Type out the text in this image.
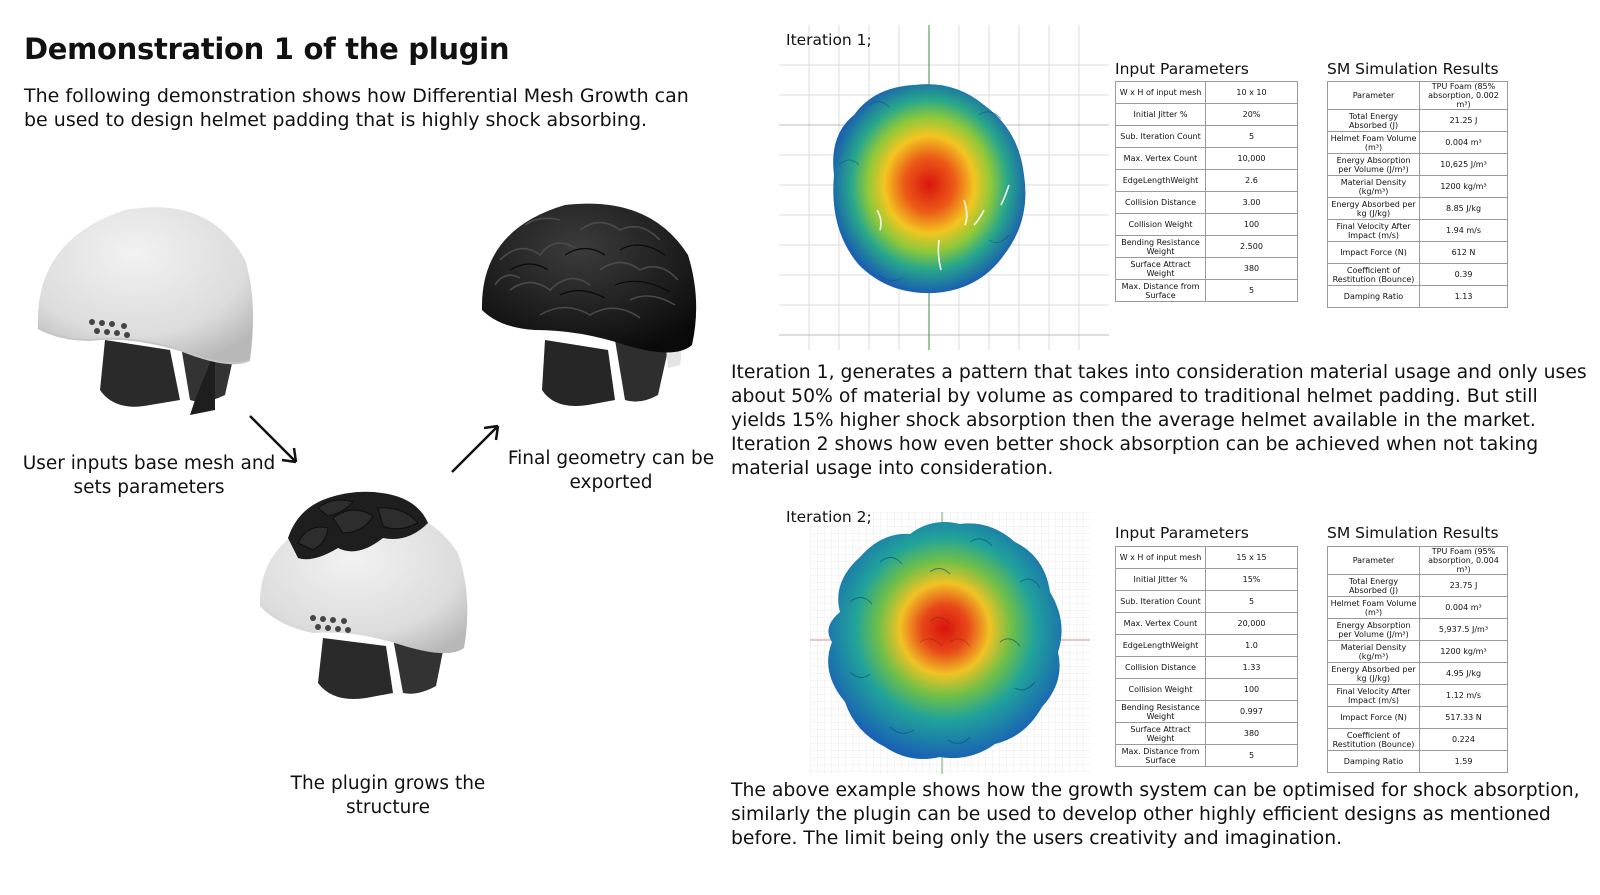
Demonstration 1 of the plugin
The following demonstration shows how Differential Mesh Growth can be used to design helmet padding that is highly shock absorbing.
User inputs base mesh and sets parameters
The plugin grows the structure
Final geometry can be exported
Iteration 1;
Input Parameters
W x H of input mesh	10 x 10
Initial Jitter %	20%
Sub. Iteration Count	5
Max. Vertex Count	10,000
EdgeLengthWeight	2.6
Collision Distance	3.00
Collision Weight	100
Bending Resistance Weight	2.500
Surface Attract Weight	380
Max. Distance from Surface	5
SM Simulation Results
Parameter	TPU Foam (85% absorption, 0.002 m³)
Total Energy Absorbed (J)	21.25 J
Helmet Foam Volume (m³)	0.004 m³
Energy Absorption per Volume (J/m³)	10,625 J/m³
Material Density (kg/m³)	1200 kg/m³
Energy Absorbed per kg (J/kg)	8.85 J/kg
Final Velocity After Impact (m/s)	1.94 m/s
Impact Force (N)	612 N
Coefficient of Restitution (Bounce)	0.39
Damping Ratio	1.13
Iteration 1, generates a pattern that takes into consideration material usage and only uses about 50% of material by volume as compared to traditional helmet padding. But still yields 15% higher shock absorption then the average helmet available in the market. Iteration 2 shows how even better shock absorption can be achieved when not taking material usage into consideration.
Iteration 2;
Input Parameters
W x H of input mesh	15 x 15
Initial Jitter %	15%
Sub. Iteration Count	5
Max. Vertex Count	20,000
EdgeLengthWeight	1.0
Collision Distance	1.33
Collision Weight	100
Bending Resistance Weight	0.997
Surface Attract Weight	380
Max. Distance from Surface	5
SM Simulation Results
Parameter	TPU Foam (95% absorption, 0.004 m³)
Total Energy Absorbed (J)	23.75 J
Helmet Foam Volume (m³)	0.004 m³
Energy Absorption per Volume (J/m³)	5,937.5 J/m³
Material Density (kg/m³)	1200 kg/m³
Energy Absorbed per kg (J/kg)	4.95 J/kg
Final Velocity After Impact (m/s)	1.12 m/s
Impact Force (N)	517.33 N
Coefficient of Restitution (Bounce)	0.224
Damping Ratio	1.59
The above example shows how the growth system can be optimised for shock absorption, similarly the plugin can be used to develop other highly efficient designs as mentioned before. The limit being only the users creativity and imagination.
